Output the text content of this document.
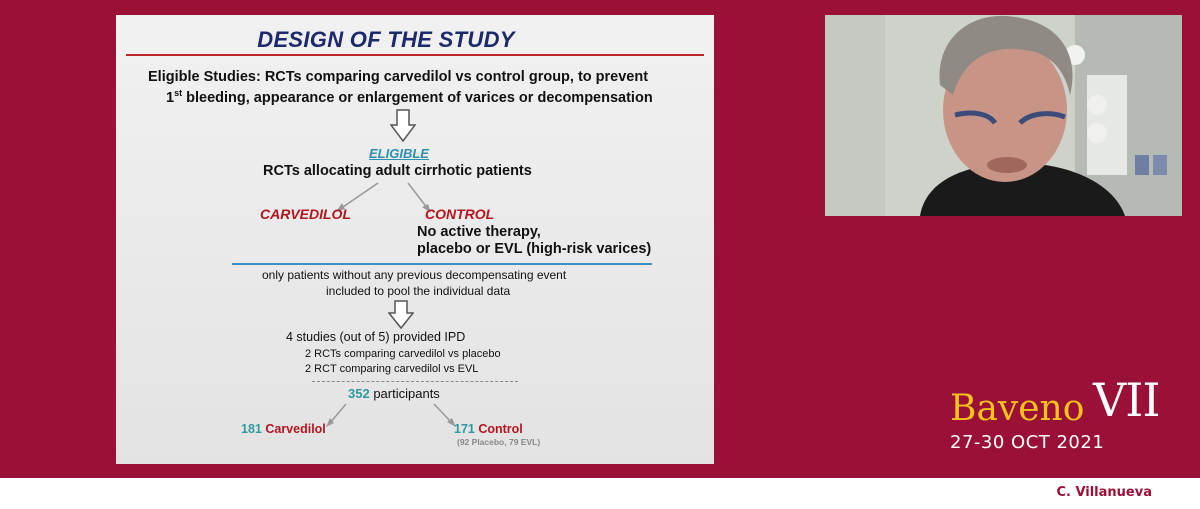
DESIGN OF THE STUDY
Eligible Studies: RCTs comparing carvedilol vs control group, to prevent
1st bleeding, appearance or enlargement of varices or decompensation
ELIGIBLE
RCTs allocating adult cirrhotic patients
CARVEDILOL	CONTROL
No active therapy,
placebo or EVL (high-risk varices)
only patients without any previous decompensating event
included to pool the individual data
4 studies (out of 5) provided IPD
2 RCTs comparing carvedilol vs placebo
2 RCT comparing carvedilol vs EVL
352 participants
181 Carvedilol	171 Control
(92 Placebo, 79 EVL)
Baveno VII
27-30 OCT 2021
C. Villanueva
